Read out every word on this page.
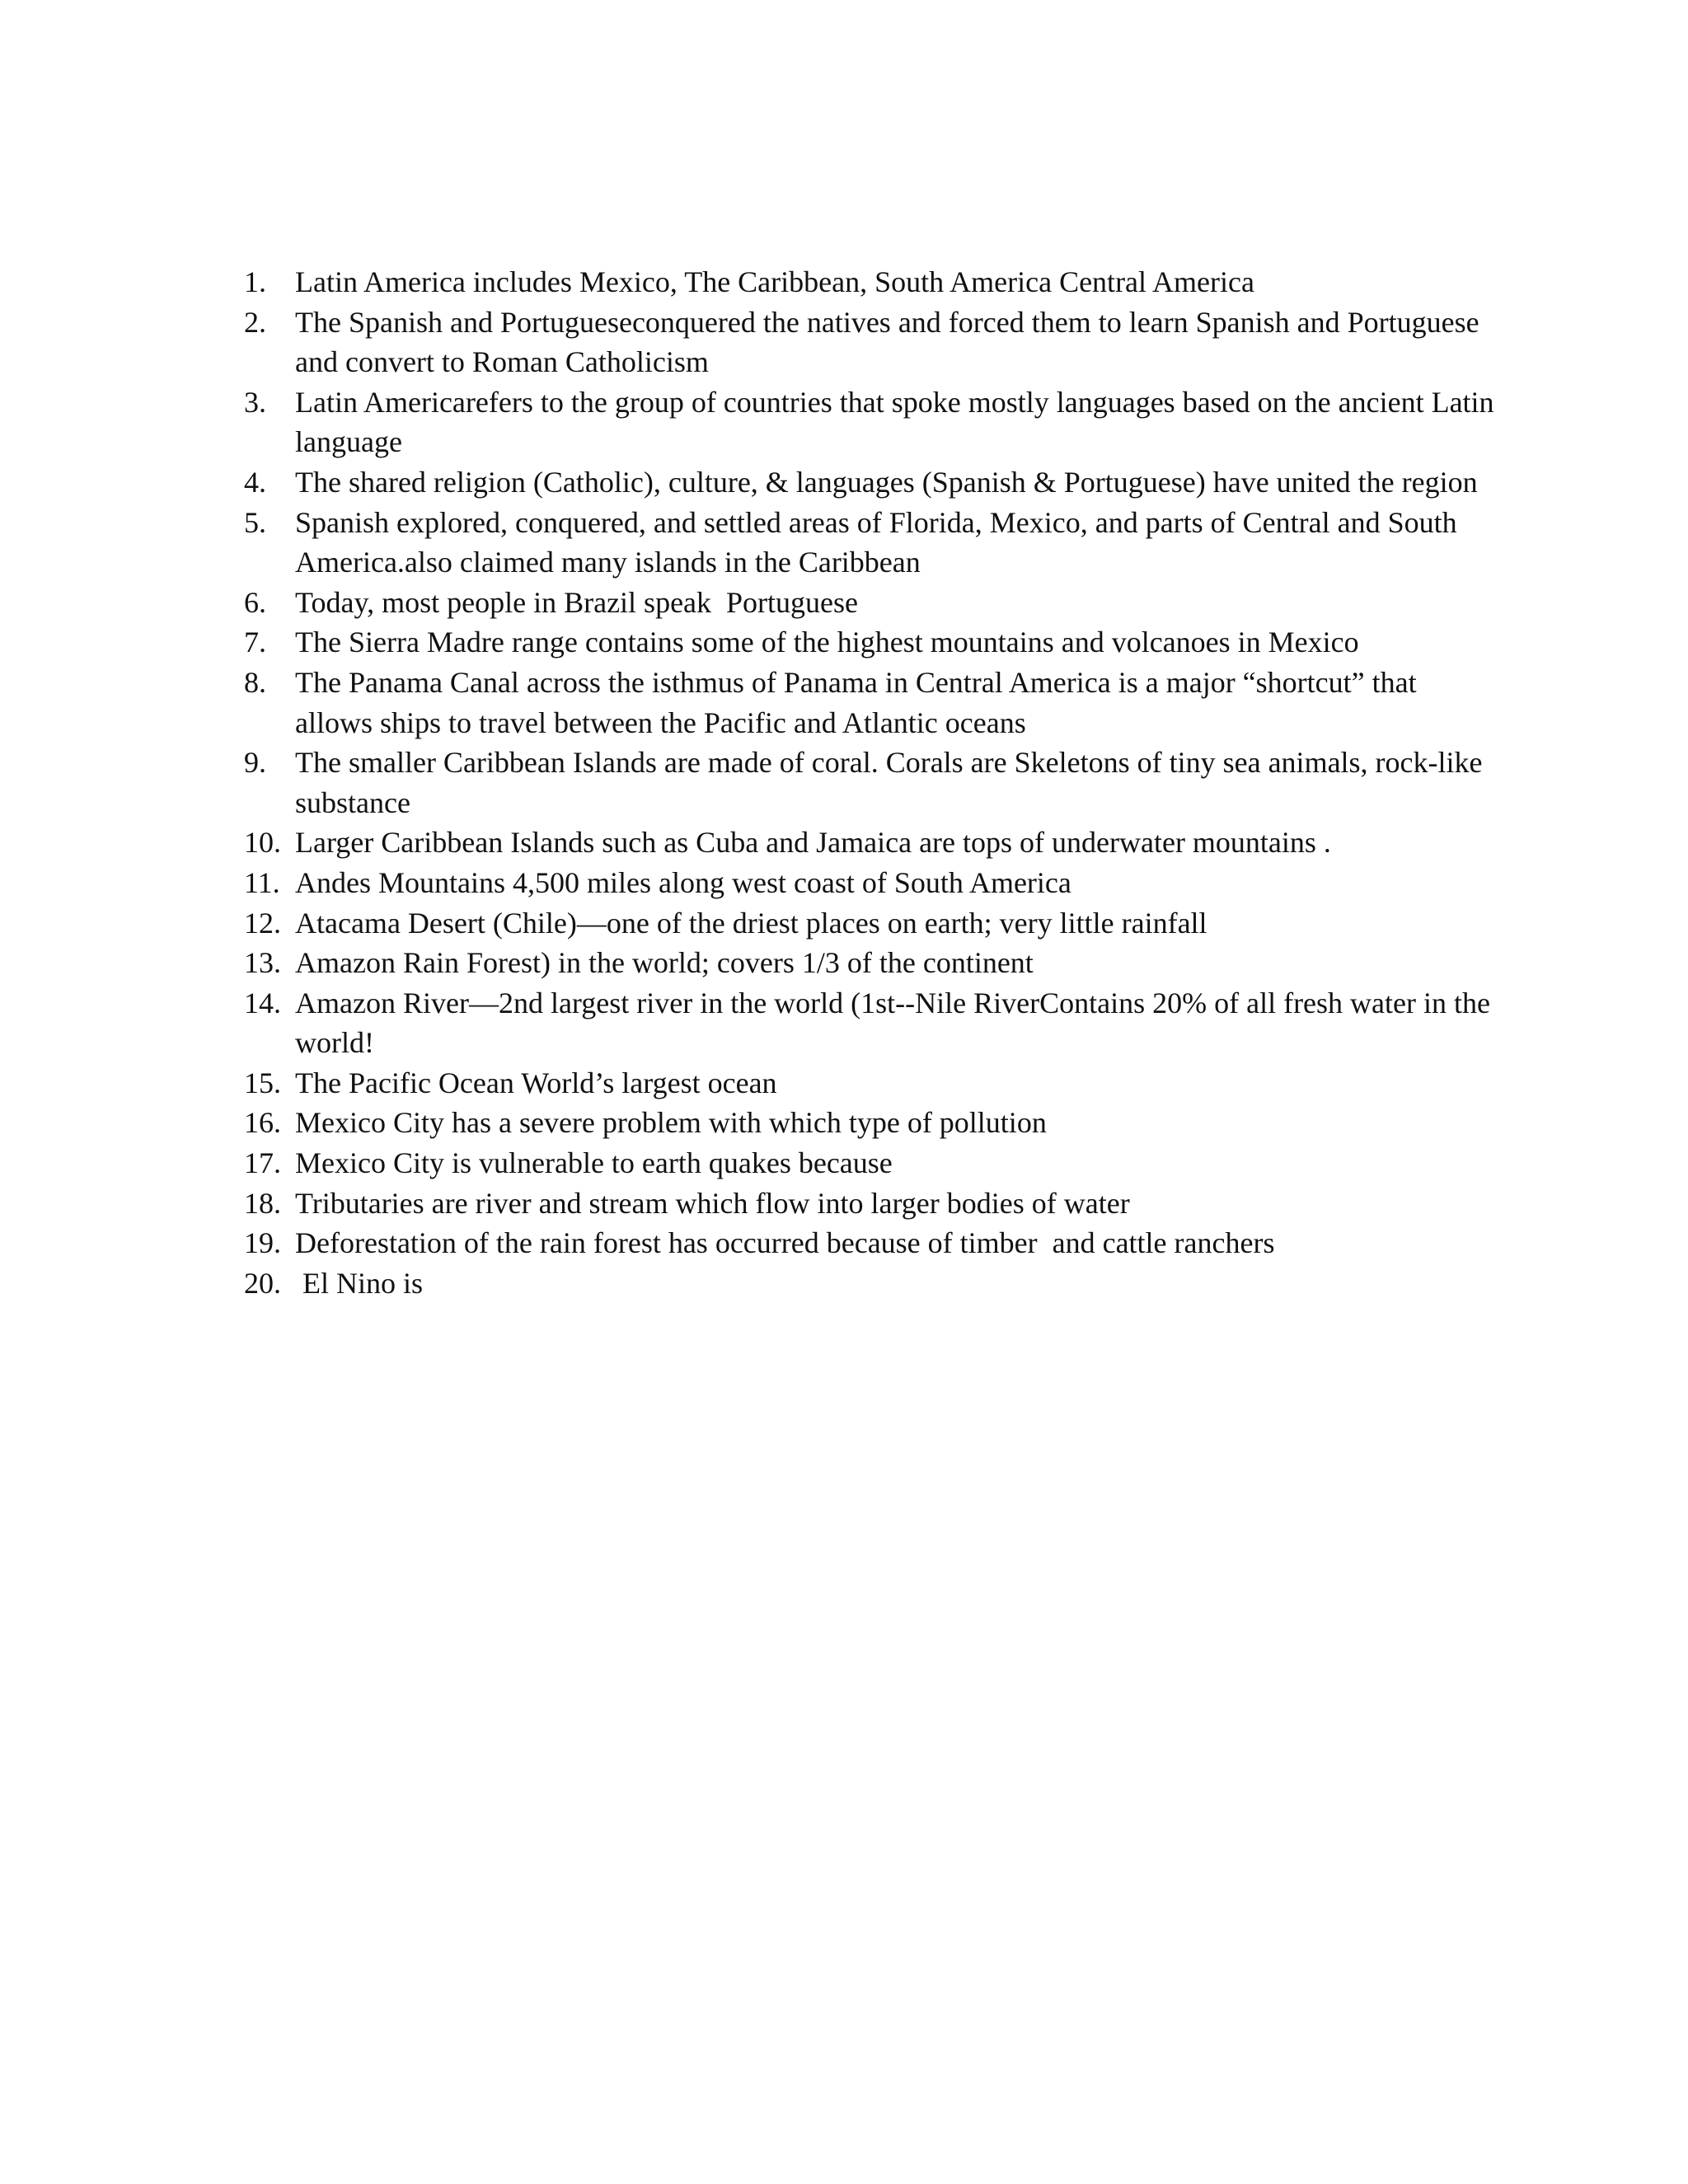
1. Latin America includes Mexico, The Caribbean, South America Central America
2. The Spanish and Portugueseconquered the natives and forced them to learn Spanish and Portuguese and convert to Roman Catholicism
3. Latin Americarefers to the group of countries that spoke mostly languages based on the ancient Latin language
4. The shared religion (Catholic), culture, & languages (Spanish & Portuguese) have united the region
5. Spanish explored, conquered, and settled areas of Florida, Mexico, and parts of Central and South America.also claimed many islands in the Caribbean
6. Today, most people in Brazil speak  Portuguese
7. The Sierra Madre range contains some of the highest mountains and volcanoes in Mexico
8. The Panama Canal across the isthmus of Panama in Central America is a major “shortcut” that allows ships to travel between the Pacific and Atlantic oceans
9. The smaller Caribbean Islands are made of coral. Corals are Skeletons of tiny sea animals, rock-like substance
10. Larger Caribbean Islands such as Cuba and Jamaica are tops of underwater mountains .
11. Andes Mountains 4,500 miles along west coast of South America
12. Atacama Desert (Chile)—one of the driest places on earth; very little rainfall
13. Amazon Rain Forest) in the world; covers 1/3 of the continent
14. Amazon River—2nd largest river in the world (1st--Nile RiverContains 20% of all fresh water in the world!
15. The Pacific Ocean World’s largest ocean
16. Mexico City has a severe problem with which type of pollution
17. Mexico City is vulnerable to earth quakes because
18. Tributaries are river and stream which flow into larger bodies of water
19. Deforestation of the rain forest has occurred because of timber  and cattle ranchers
20. El Nino is
